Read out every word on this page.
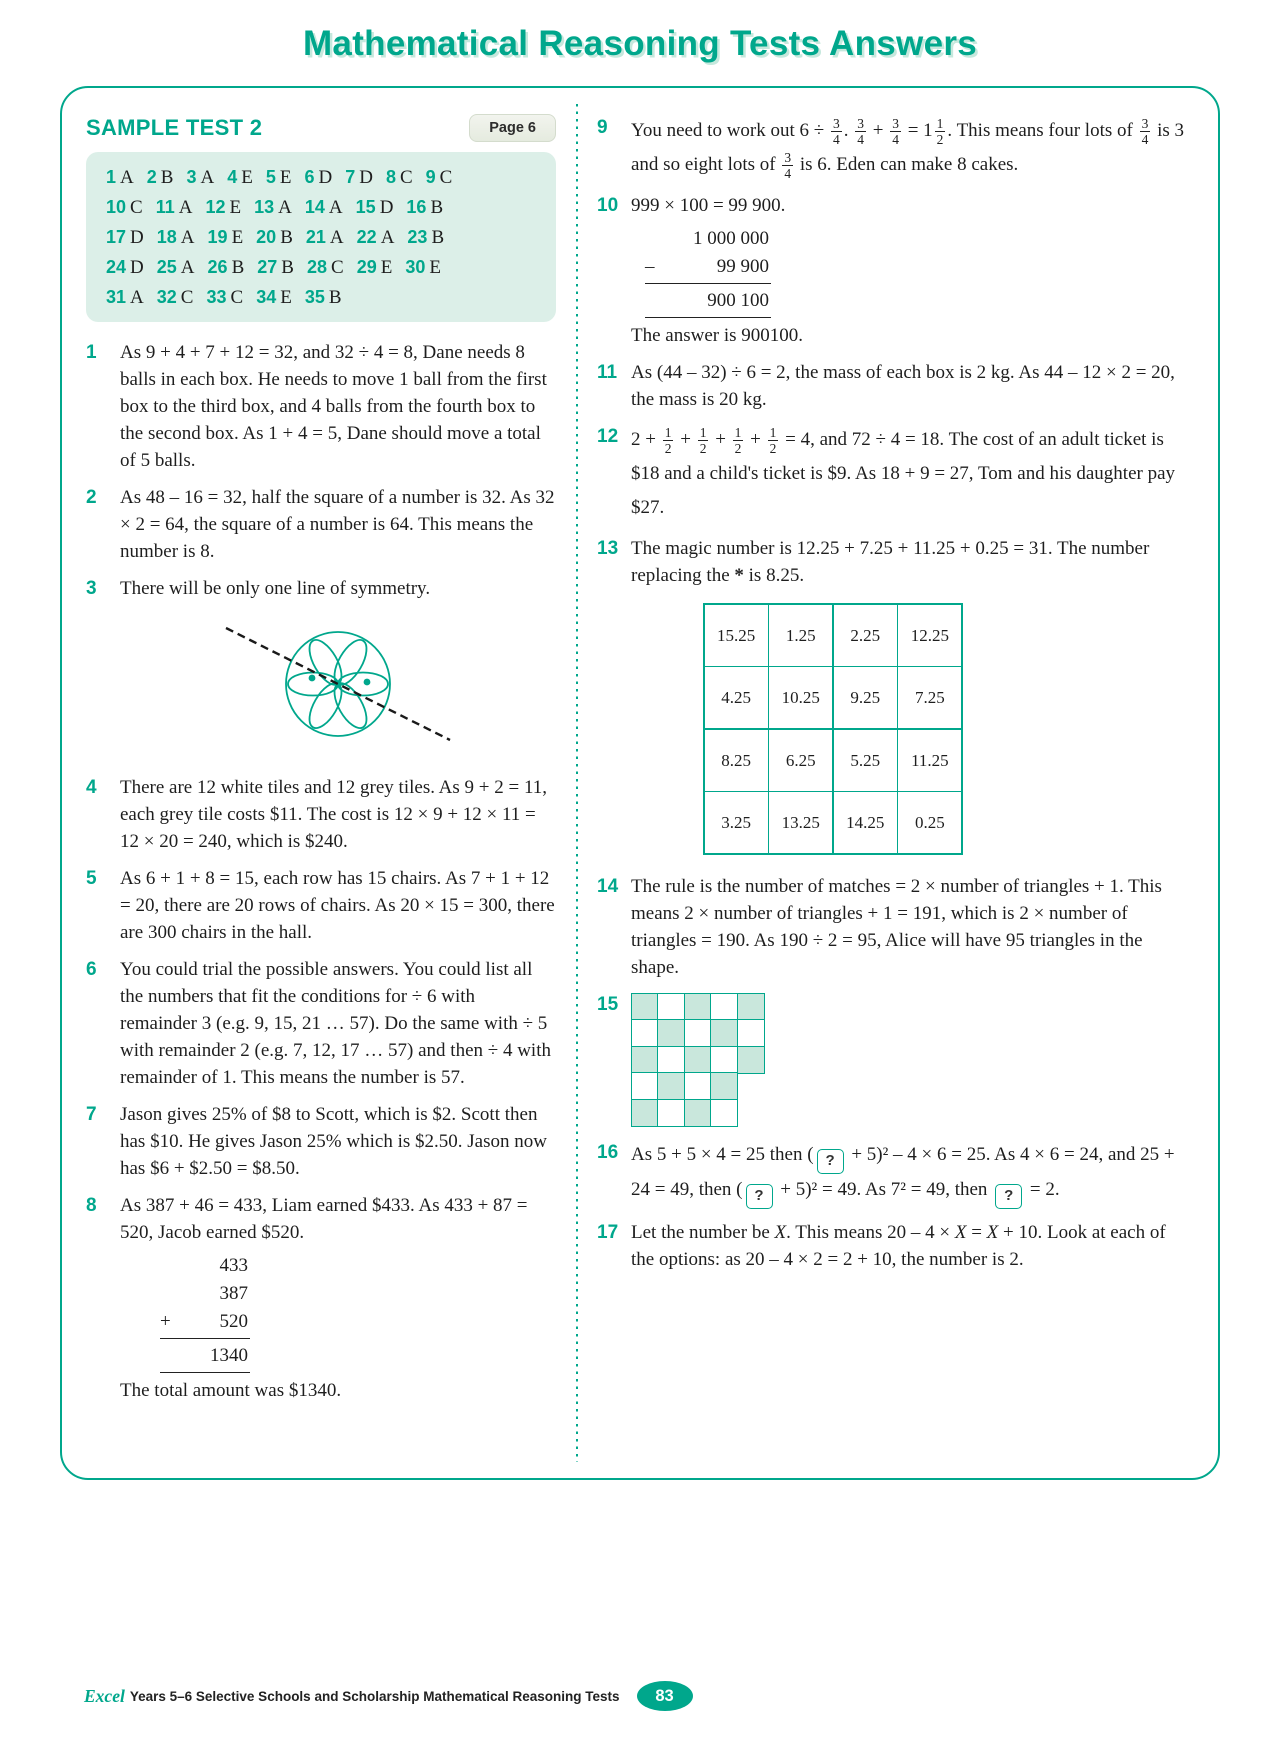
Mathematical Reasoning Tests Answers
SAMPLE TEST 2	Page 6
1 A 2 B 3 A 4 E 5 E 6 D 7 D 8 C 9 C
10 C 11 A 12 E 13 A 14 A 15 D 16 B
17 D 18 A 19 E 20 B 21 A 22 A 23 B
24 D 25 A 26 B 27 B 28 C 29 E 30 E
31 A 32 C 33 C 34 E 35 B
1	As 9 + 4 + 7 + 12 = 32, and 32 ÷ 4 = 8, Dane needs 8 balls in each box. He needs to move 1 ball from the first box to the third box, and 4 balls from the fourth box to the second box. As 1 + 4 = 5, Dane should move a total of 5 balls.
2	As 48 – 16 = 32, half the square of a number is 32. As 32 × 2 = 64, the square of a number is 64. This means the number is 8.
3	There will be only one line of symmetry.
4	There are 12 white tiles and 12 grey tiles. As 9 + 2 = 11, each grey tile costs $11. The cost is 12 × 9 + 12 × 11 = 12 × 20 = 240, which is $240.
5	As 6 + 1 + 8 = 15, each row has 15 chairs. As 7 + 1 + 12 = 20, there are 20 rows of chairs. As 20 × 15 = 300, there are 300 chairs in the hall.
6	You could trial the possible answers. You could list all the numbers that fit the conditions for ÷ 6 with remainder 3 (e.g. 9, 15, 21 … 57). Do the same with ÷ 5 with remainder 2 (e.g. 7, 12, 17 … 57) and then ÷ 4 with remainder of 1. This means the number is 57.
7	Jason gives 25% of $8 to Scott, which is $2. Scott then has $10. He gives Jason 25% which is $2.50. Jason now has $6 + $2.50 = $8.50.
8	As 387 + 46 = 433, Liam earned $433. As 433 + 87 = 520, Jacob earned $520.
433
387
+	520
1340
The total amount was $1340.
9	You need to work out $6 \div \frac{3}{4}$ . $\frac{3}{4} + \frac{3}{4} = 1 \frac{1}{2}$ . This means four lots of $\frac{3}{4}$ is 3 and so eight lots of $\frac{3}{4}$ is 6. Eden can make 8 cakes.
10 999 × 100 = 99 900.
1 000 000
–	99 900
900 100
The answer is 900100.
11 As (44 – 32) ÷ 6 = 2, the mass of each box is 2 kg. As 44 – 12 × 2 = 20, the mass is 20 kg.
12 $2 + \frac{1}{2} + \frac{1}{2} + \frac{1}{2} + \frac{1}{2} = 4$, and 72 ÷ 4 = 18. The cost of an adult ticket is $18 and a child's ticket is $9. As 18 + 9 = 27, Tom and his daughter pay $27.
13 The magic number is 12.25 + 7.25 + 11.25 + 0.25 = 31. The number replacing the * is 8.25.
15.25	1.25	2.25	12.25
4.25	10.25	9.25	7.25
8.25	6.25	5.25	11.25
3.25	13.25	14.25	0.25
14 The rule is the number of matches = 2 × number of triangles + 1. This means 2 × number of triangles + 1 = 191, which is 2 × number of triangles = 190. As 190 ÷ 2 = 95, Alice will have 95 triangles in the shape.
15
16 As 5 + 5 × 4 = 25 then ( ? + 5)² – 4 × 6 = 25. As 4 × 6 = 24, and 25 + 24 = 49, then ( ? + 5)² = 49. As 7² = 49, then ? = 2.
17 Let the number be X. This means 20 – 4 × X = X + 10. Look at each of the options: as 20 – 4 × 2 = 2 + 10, the number is 2.
Excel Years 5–6 Selective Schools and Scholarship Mathematical Reasoning Tests	83
